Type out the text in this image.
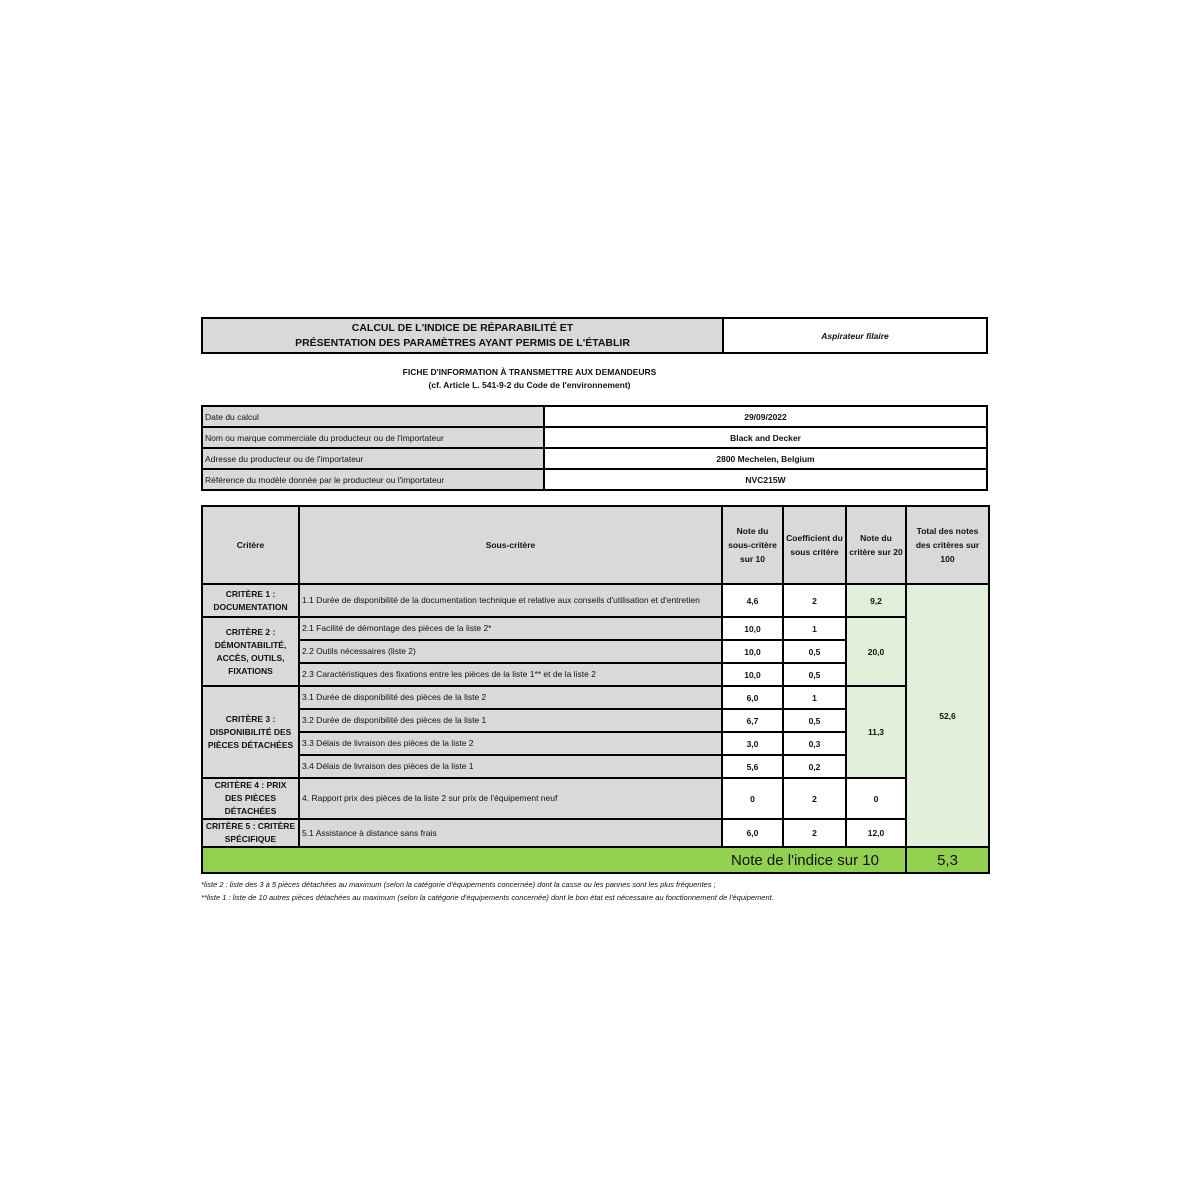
CALCUL DE L'INDICE DE RÉPARABILITÉ ET
PRÉSENTATION DES PARAMÈTRES AYANT PERMIS DE L'ÉTABLIR
Aspirateur filaire
FICHE D'INFORMATION À TRANSMETTRE AUX DEMANDEURS
(cf. Article L. 541-9-2 du Code de l'environnement)
Date du calcul	29/09/2022
Nom ou marque commerciale du producteur ou de l'importateur	Black and Decker
Adresse du producteur ou de l'importateur	2800 Mechelen, Belgium
Référence du modèle donnée par le producteur ou l'importateur	NVC215W
Critère	Sous-critère	Note du sous-critère sur 10	Coefficient du sous critère	Note du critère sur 20	Total des notes des critères sur 100
CRITÈRE 1 : DOCUMENTATION	1.1 Durée de disponibilité de la documentation technique et relative aux conseils d'utilisation et d'entretien	4,6	2	9,2	52,6
CRITÈRE 2 : DÉMONTABILITÉ, ACCÈS, OUTILS, FIXATIONS	2.1 Facilité de démontage des pièces de la liste 2*	10,0	1	20,0	
	2.2 Outils nécessaires (liste 2)	10,0	0,5		
	2.3 Caractéristiques des fixations entre les pièces de la liste 1** et de la liste 2	10,0	0,5		
CRITÈRE 3 : DISPONIBILITÉ DES PIÈCES DÉTACHÉES	3.1 Durée de disponibilité des pièces de la liste 2	6,0	1	11,3	
	3.2 Durée de disponibilité des pièces de la liste 1	6,7	0,5		
	3.3 Délais de livraison des pièces de la liste 2	3,0	0,3		
	3.4 Délais de livraison des pièces de la liste 1	5,6	0,2		
CRITÈRE 4 : PRIX DES PIÈCES DÉTACHÉES	4. Rapport prix des pièces de la liste 2 sur prix de l'équipement neuf	0	2	0	
CRITÈRE 5 : CRITÈRE SPÉCIFIQUE	5.1 Assistance à distance sans frais	6,0	2	12,0	
Note de l'indice sur 10					5,3
*liste 2 : liste des 3 à 5 pièces détachées au maximum (selon la catégorie d'équipements concernée) dont la casse ou les pannes sont les plus fréquentes ;
**liste 1 : liste de 10 autres pièces détachées au maximum (selon la catégorie d'équipements concernée) dont le bon état est nécessaire au fonctionnement de l'équipement.
